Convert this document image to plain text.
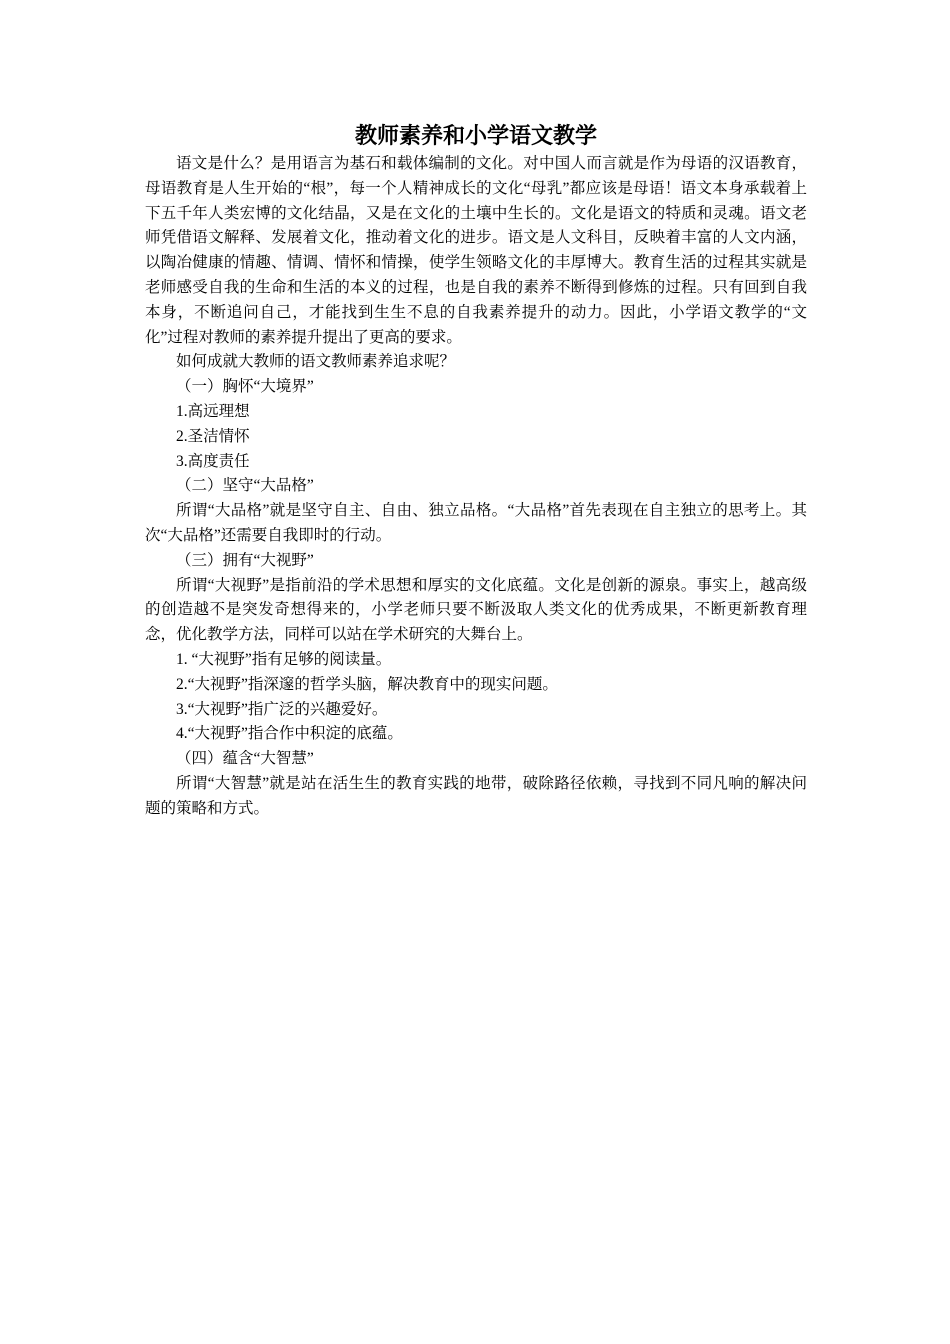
教师素养和小学语文教学

语文是什么？是用语言为基石和载体编制的文化。对中国人而言就是作为母语的汉语教育，母语教育是人生开始的“根”，每一个人精神成长的文化“母乳”都应该是母语！语文本身承载着上下五千年人类宏博的文化结晶，又是在文化的土壤中生长的。文化是语文的特质和灵魂。语文老师凭借语文解释、发展着文化，推动着文化的进步。语文是人文科目，反映着丰富的人文内涵，以陶冶健康的情趣、情调、情怀和情操，使学生领略文化的丰厚博大。教育生活的过程其实就是老师感受自我的生命和生活的本义的过程，也是自我的素养不断得到修炼的过程。只有回到自我本身，不断追问自己，才能找到生生不息的自我素养提升的动力。因此，小学语文教学的“文化”过程对教师的素养提升提出了更高的要求。

如何成就大教师的语文教师素养追求呢？

（一）胸怀“大境界”

1.高远理想

2.圣洁情怀

3.高度责任

（二）坚守“大品格”

所谓“大品格”就是坚守自主、自由、独立品格。“大品格”首先表现在自主独立的思考上。其次“大品格”还需要自我即时的行动。

（三）拥有“大视野”

所谓“大视野”是指前沿的学术思想和厚实的文化底蕴。文化是创新的源泉。事实上，越高级的创造越不是突发奇想得来的，小学老师只要不断汲取人类文化的优秀成果，不断更新教育理念，优化教学方法，同样可以站在学术研究的大舞台上。

1. “大视野”指有足够的阅读量。

2.“大视野”指深邃的哲学头脑，解决教育中的现实问题。

3.“大视野”指广泛的兴趣爱好。

4.“大视野”指合作中积淀的底蕴。

（四）蕴含“大智慧”

所谓“大智慧”就是站在活生生的教育实践的地带，破除路径依赖，寻找到不同凡响的解决问题的策略和方式。
